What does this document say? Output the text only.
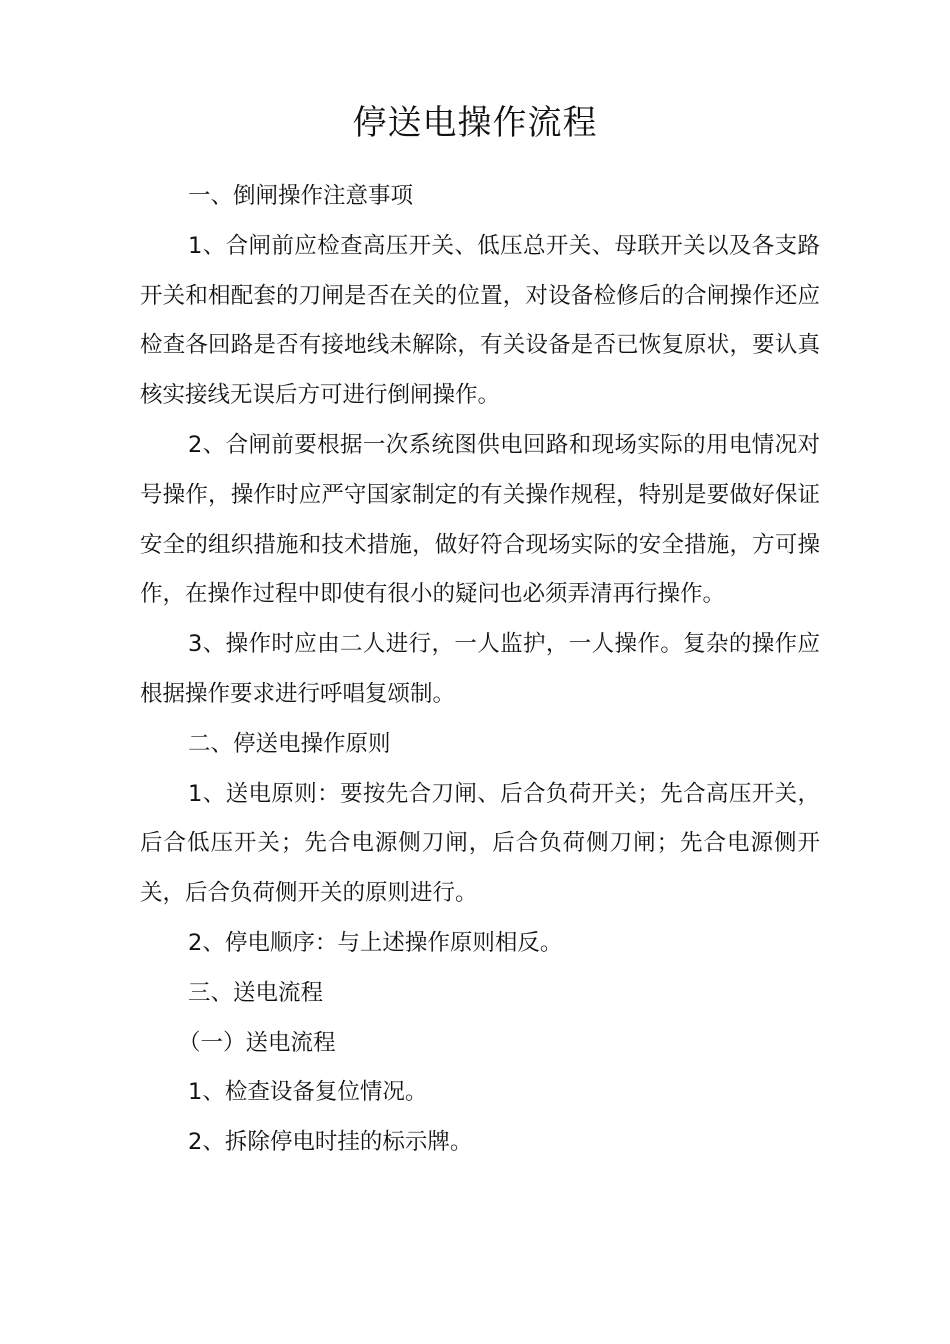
停送电操作流程

一、倒闸操作注意事项

1、合闸前应检查高压开关、低压总开关、母联开关以及各支路开关和相配套的刀闸是否在关的位置，对设备检修后的合闸操作还应检查各回路是否有接地线未解除，有关设备是否已恢复原状，要认真核实接线无误后方可进行倒闸操作。

2、合闸前要根据一次系统图供电回路和现场实际的用电情况对号操作，操作时应严守国家制定的有关操作规程，特别是要做好保证安全的组织措施和技术措施，做好符合现场实际的安全措施，方可操作，在操作过程中即使有很小的疑问也必须弄清再行操作。

3、操作时应由二人进行，一人监护，一人操作。复杂的操作应根据操作要求进行呼唱复颂制。

二、停送电操作原则

1、送电原则：要按先合刀闸、后合负荷开关；先合高压开关，后合低压开关；先合电源侧刀闸，后合负荷侧刀闸；先合电源侧开关，后合负荷侧开关的原则进行。

2、停电顺序：与上述操作原则相反。

三、送电流程

（一）送电流程

1、检查设备复位情况。

2、拆除停电时挂的标示牌。
